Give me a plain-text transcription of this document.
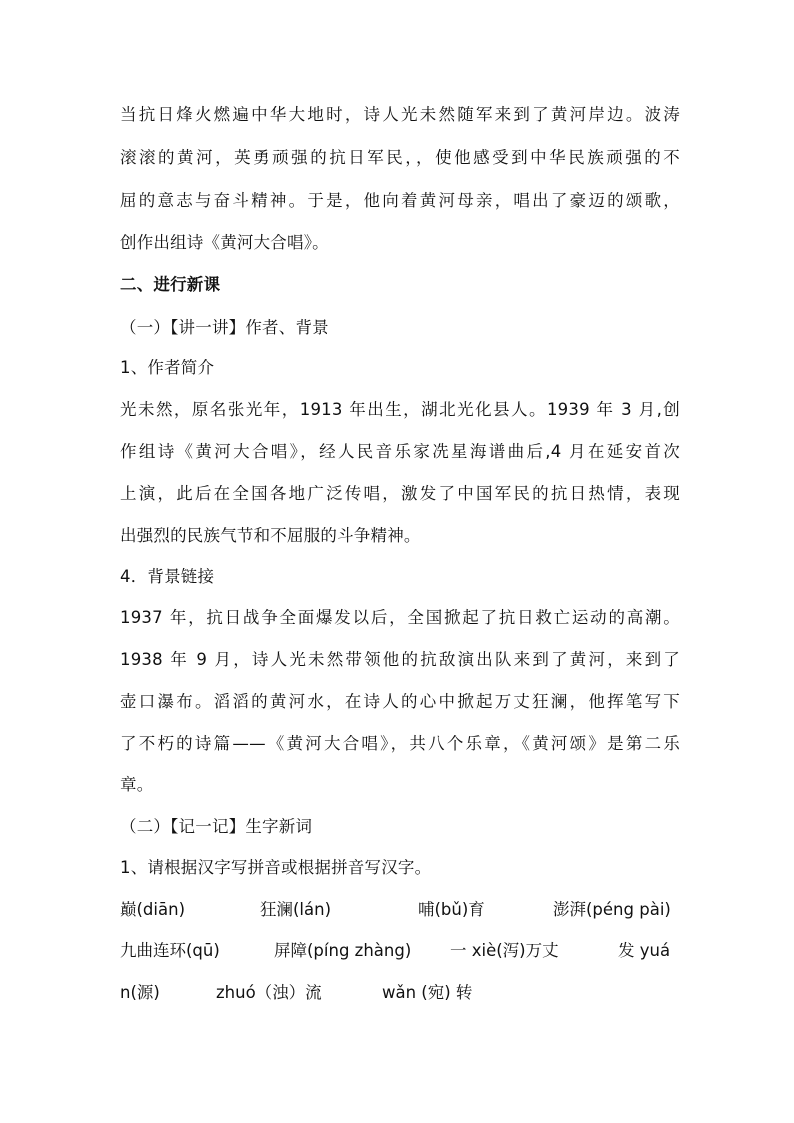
当抗日烽火燃遍中华大地时，诗人光未然随军来到了黄河岸边。波涛
滚滚的黄河，英勇顽强的抗日军民，，使他感受到中华民族顽强的不
屈的意志与奋斗精神。于是，他向着黄河母亲，唱出了豪迈的颂歌，
创作出组诗《黄河大合唱》。
二、进行新课
（一）【讲一讲】作者、背景
1、作者简介
光未然，原名张光年，1913 年出生，湖北光化县人。1939 年 3 月,创
作组诗《黄河大合唱》，经人民音乐家冼星海谱曲后,4 月在延安首次
上演，此后在全国各地广泛传唱，激发了中国军民的抗日热情，表现
出强烈的民族气节和不屈服的斗争精神。
4．背景链接
1937 年，抗日战争全面爆发以后，全国掀起了抗日救亡运动的高潮。
1938 年 9 月，诗人光未然带领他的抗敌演出队来到了黄河，来到了
壶口瀑布。滔滔的黄河水，在诗人的心中掀起万丈狂澜，他挥笔写下
了不朽的诗篇——《黄河大合唱》，共八个乐章，《黄河颂》是第二乐
章。
（二）【记一记】生字新词
1、请根据汉字写拼音或根据拼音写汉字。
巅(diān)	狂澜(lán)	哺(bǔ)育	澎湃(péng pài)
九曲连环(qū)	屏障(píng zhàng) 一 xiè(泻)万丈	发 yuá
n(源)	zhuó（浊）流	wǎn (宛) 转
